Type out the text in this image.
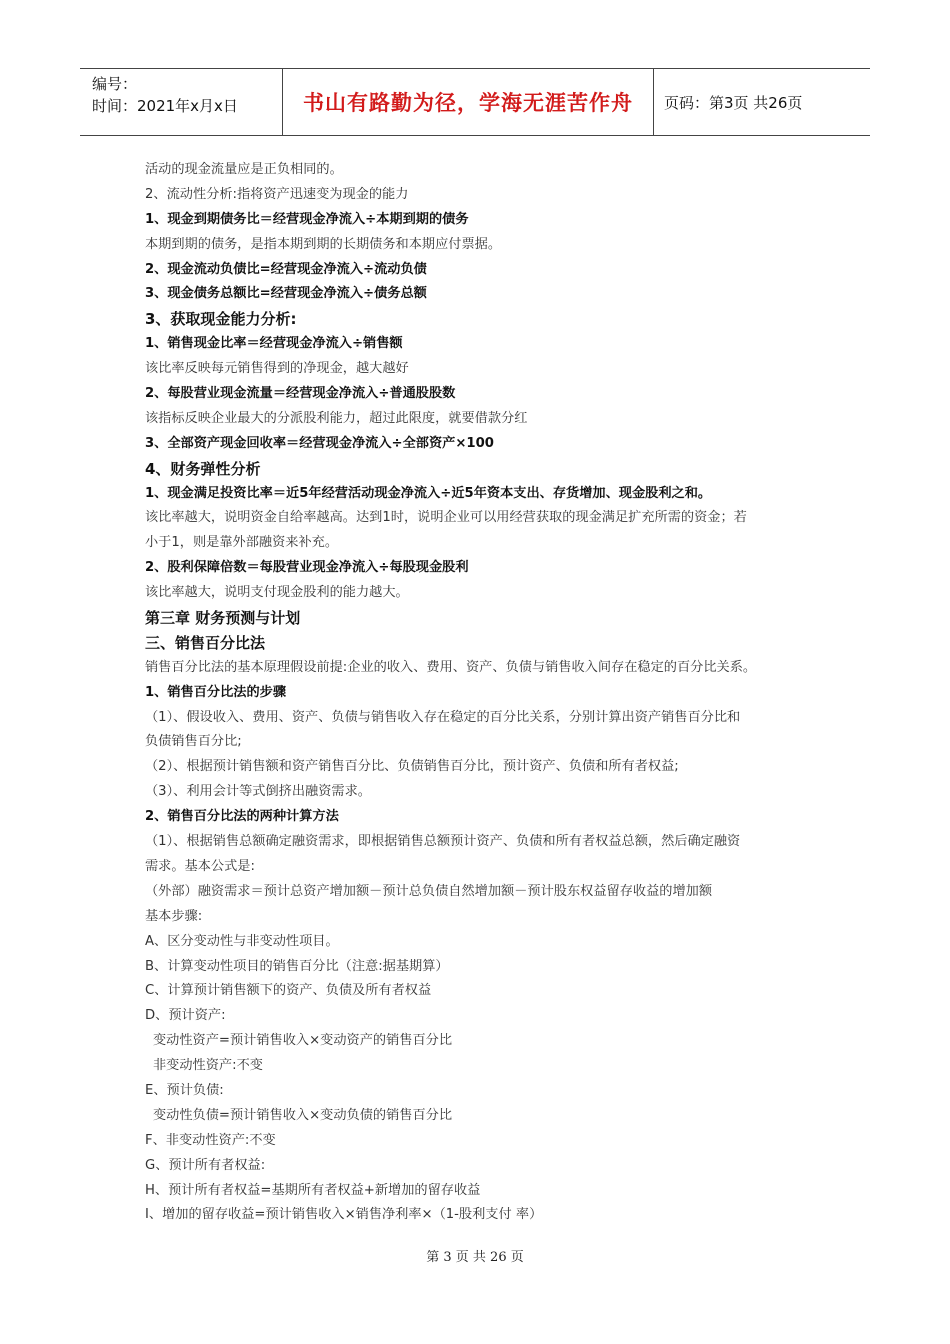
编号：
时间：2021年x月x日	书山有路勤为径，学海无涯苦作舟 页码：第3页 共26页
活动的现金流量应是正负相同的。
2、流动性分析:指将资产迅速变为现金的能力
1、现金到期债务比＝经营现金净流入÷本期到期的债务
本期到期的债务，是指本期到期的长期债务和本期应付票据。
2、现金流动负债比=经营现金净流入÷流动负债
3、现金债务总额比=经营现金净流入÷债务总额
3、获取现金能力分析:
1、销售现金比率＝经营现金净流入÷销售额
该比率反映每元销售得到的净现金，越大越好
2、每股营业现金流量＝经营现金净流入÷普通股股数
该指标反映企业最大的分派股利能力，超过此限度，就要借款分红
3、全部资产现金回收率＝经营现金净流入÷全部资产×100
4、财务弹性分析
1、现金满足投资比率＝近5年经营活动现金净流入÷近5年资本支出、存货增加、现金股利之和。
该比率越大，说明资金自给率越高。达到1时，说明企业可以用经营获取的现金满足扩充所需的资金；若
小于1，则是靠外部融资来补充。
2、股利保障倍数＝每股营业现金净流入÷每股现金股利
该比率越大，说明支付现金股利的能力越大。
第三章 财务预测与计划
三、销售百分比法
销售百分比法的基本原理假设前提:企业的收入、费用、资产、负债与销售收入间存在稳定的百分比关系。
1、销售百分比法的步骤
（1）、假设收入、费用、资产、负债与销售收入存在稳定的百分比关系，分别计算出资产销售百分比和
负债销售百分比;
（2）、根据预计销售额和资产销售百分比、负债销售百分比，预计资产、负债和所有者权益;
（3）、利用会计等式倒挤出融资需求。
2、销售百分比法的两种计算方法
（1）、根据销售总额确定融资需求，即根据销售总额预计资产、负债和所有者权益总额，然后确定融资
需求。基本公式是:
（外部）融资需求＝预计总资产增加额－预计总负债自然增加额－预计股东权益留存收益的增加额
基本步骤:
A、区分变动性与非变动性项目。
B、计算变动性项目的销售百分比（注意:据基期算）
C、计算预计销售额下的资产、负债及所有者权益
D、预计资产:
变动性资产=预计销售收入×变动资产的销售百分比
非变动性资产:不变
E、预计负债:
变动性负债=预计销售收入×变动负债的销售百分比
F、非变动性资产:不变
G、预计所有者权益:
H、预计所有者权益=基期所有者权益+新增加的留存收益
I、增加的留存收益=预计销售收入×销售净利率×（1-股利支付 率）
第 3 页 共 26 页
